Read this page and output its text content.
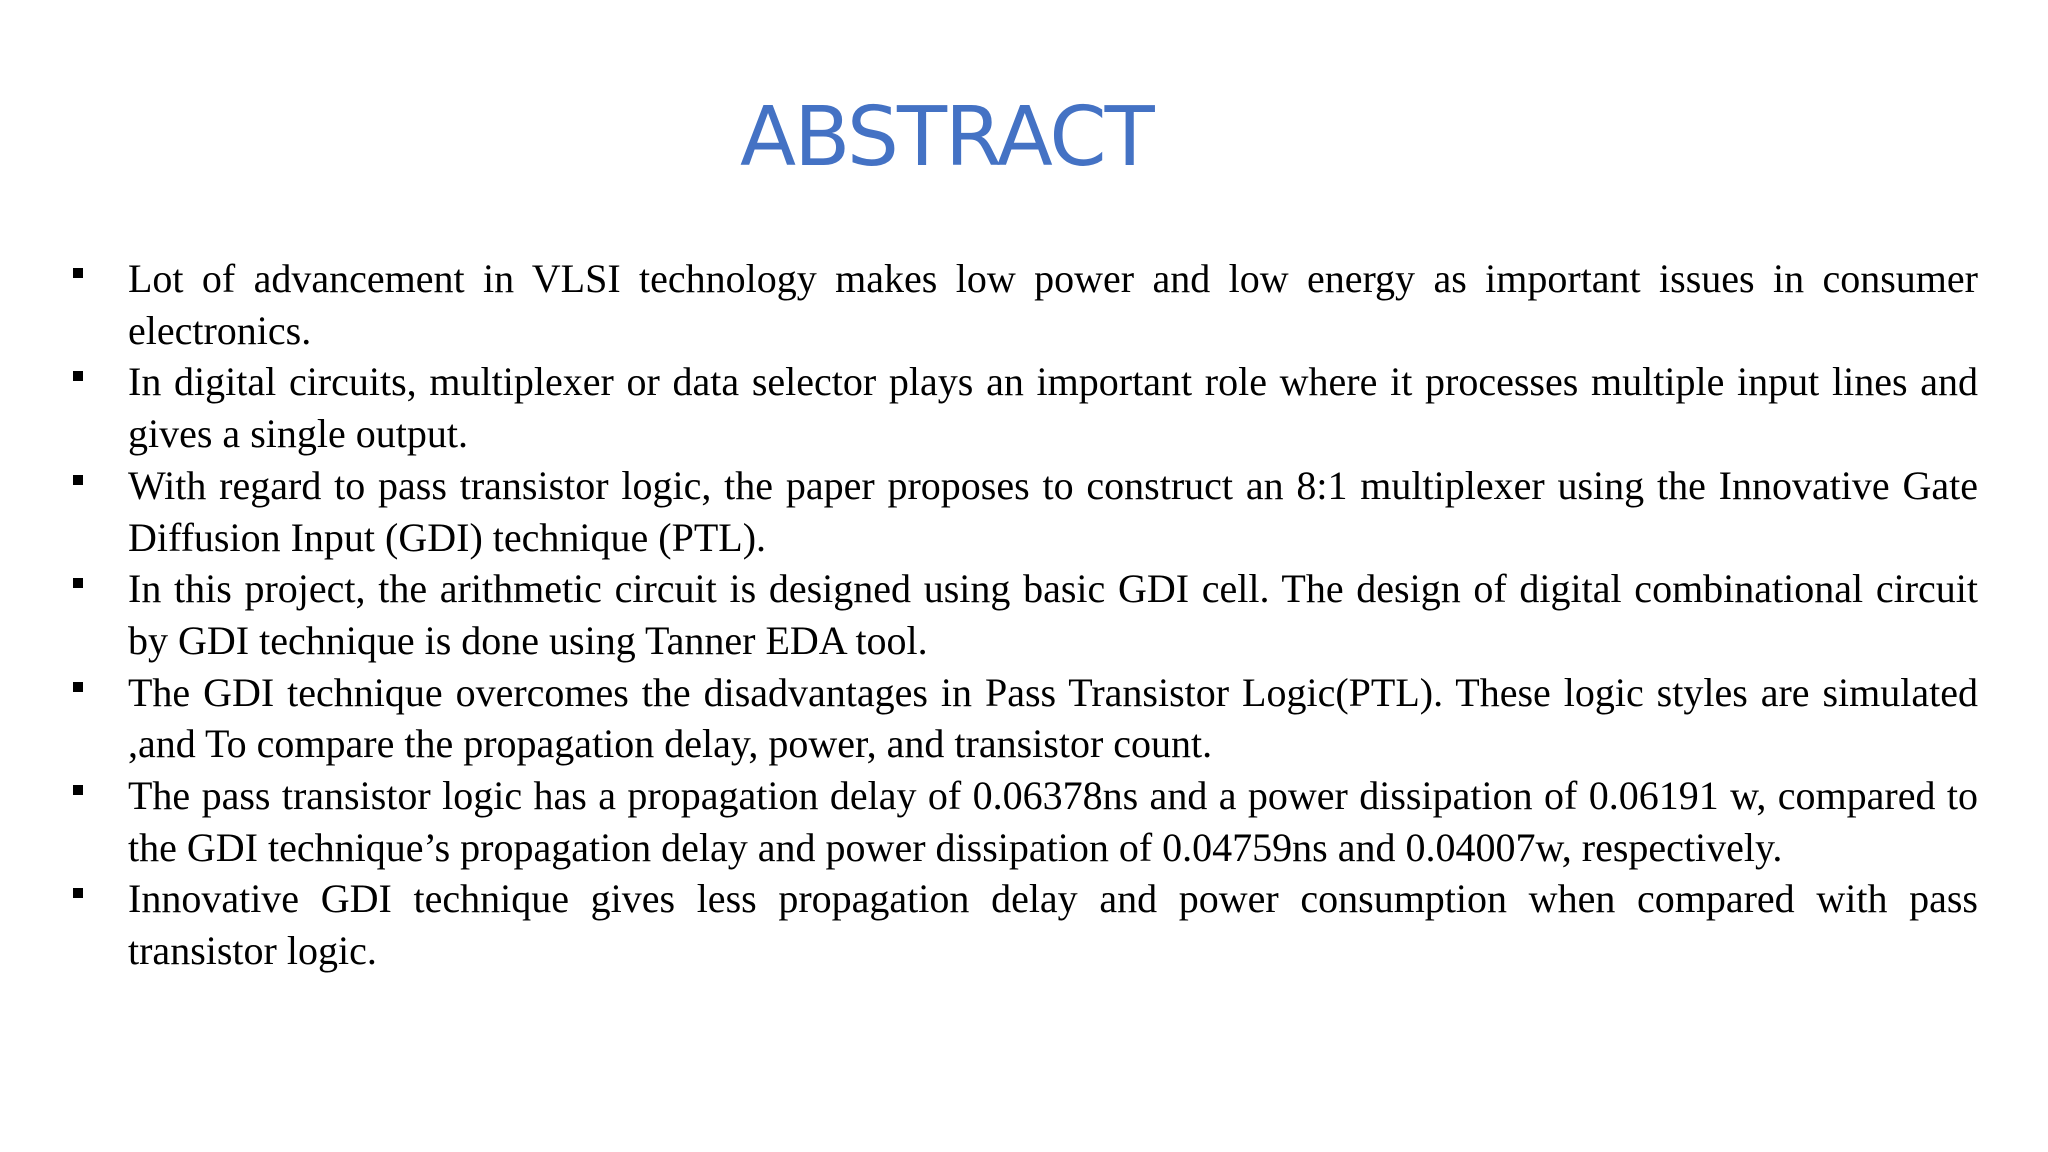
ABSTRACT
Lot of advancement in VLSI technology makes low power and low energy as important issues in consumer electronics.
In digital circuits, multiplexer or data selector plays an important role where it processes multiple input lines and gives a single output.
With regard to pass transistor logic, the paper proposes to construct an 8:1 multiplexer using the Innovative Gate Diffusion Input (GDI) technique (PTL).
In this project, the arithmetic circuit is designed using basic GDI cell. The design of digital combinational circuit by GDI technique is done using Tanner EDA tool.
The GDI technique overcomes the disadvantages in Pass Transistor Logic(PTL). These logic styles are simulated ,and To compare the propagation delay, power, and transistor count.
The pass transistor logic has a propagation delay of 0.06378ns and a power dissipation of 0.06191 w, compared to the GDI technique’s propagation delay and power dissipation of 0.04759ns and 0.04007w, respectively.
Innovative GDI technique gives less propagation delay and power consumption when compared with pass transistor logic.
